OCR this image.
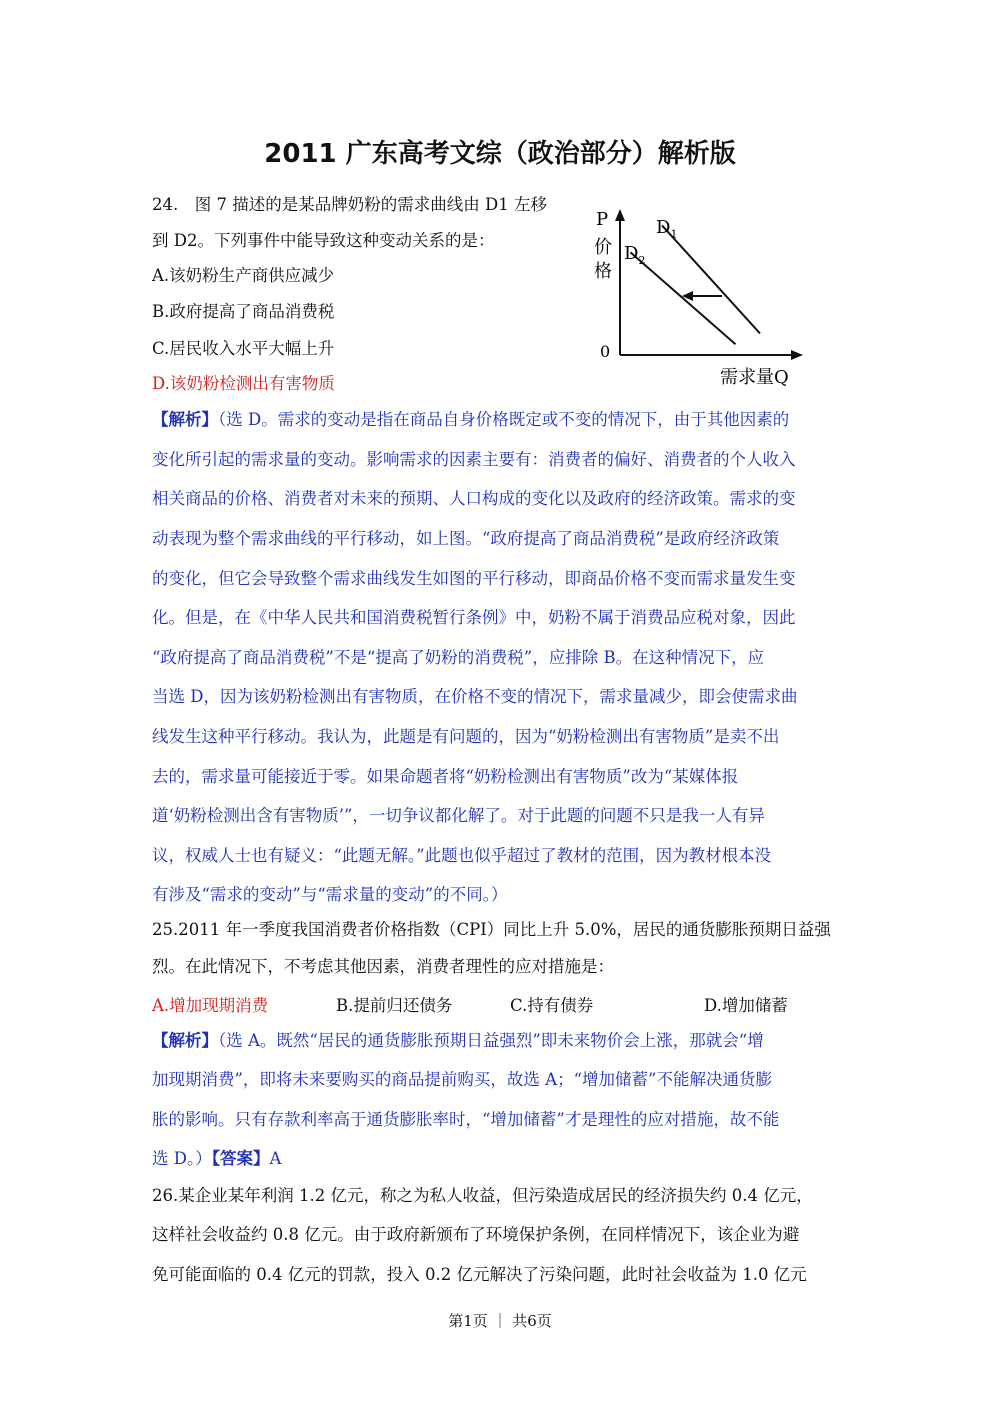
2011 广东高考文综（政治部分）解析版
24.　图 7 描述的是某品牌奶粉的需求曲线由 D1 左移
到 D2。下列事件中能导致这种变动关系的是：
A.该奶粉生产商供应减少
B.政府提高了商品消费税
C.居民收入水平大幅上升
D.该奶粉检测出有害物质
P
价
格
0
需求量Q
$D_1$
$D_2$
【解析】（选 D。需求的变动是指在商品自身价格既定或不变的情况下，由于其他因素的
变化所引起的需求量的变动。影响需求的因素主要有：消费者的偏好、消费者的个人收入
相关商品的价格、消费者对未来的预期、人口构成的变化以及政府的经济政策。需求的变
动表现为整个需求曲线的平行移动，如上图。“政府提高了商品消费税”是政府经济政策
的变化，但它会导致整个需求曲线发生如图的平行移动，即商品价格不变而需求量发生变
化。但是，在《中华人民共和国消费税暂行条例》中，奶粉不属于消费品应税对象，因此
“政府提高了商品消费税”不是“提高了奶粉的消费税”，应排除 B。在这种情况下，应
当选 D，因为该奶粉检测出有害物质，在价格不变的情况下，需求量减少，即会使需求曲
线发生这种平行移动。我认为，此题是有问题的，因为“奶粉检测出有害物质”是卖不出
去的，需求量可能接近于零。如果命题者将“奶粉检测出有害物质”改为“某媒体报
道‘奶粉检测出含有害物质’”，一切争议都化解了。对于此题的问题不只是我一人有异
议，权威人士也有疑义：“此题无解。”此题也似乎超过了教材的范围，因为教材根本没
有涉及“需求的变动”与“需求量的变动”的不同。）
25.2011 年一季度我国消费者价格指数（CPI）同比上升 5.0%，居民的通货膨胀预期日益强
烈。在此情况下，不考虑其他因素，消费者理性的应对措施是：
A.增加现期消费	B.提前归还债务	C.持有债券	D.增加储蓄
【解析】（选 A。既然“居民的通货膨胀预期日益强烈”即未来物价会上涨，那就会“增
加现期消费”，即将未来要购买的商品提前购买，故选 A；“增加储蓄”不能解决通货膨
胀的影响。只有存款利率高于通货膨胀率时，“增加储蓄”才是理性的应对措施，故不能
选 D。）【答案】A
26.某企业某年利润 1.2 亿元，称之为私人收益，但污染造成居民的经济损失约 0.4 亿元，
这样社会收益约 0.8 亿元。由于政府新颁布了环境保护条例，在同样情况下，该企业为避
免可能面临的 0.4 亿元的罚款，投入 0.2 亿元解决了污染问题，此时社会收益为 1.0 亿元
第1页 ｜ 共6页
